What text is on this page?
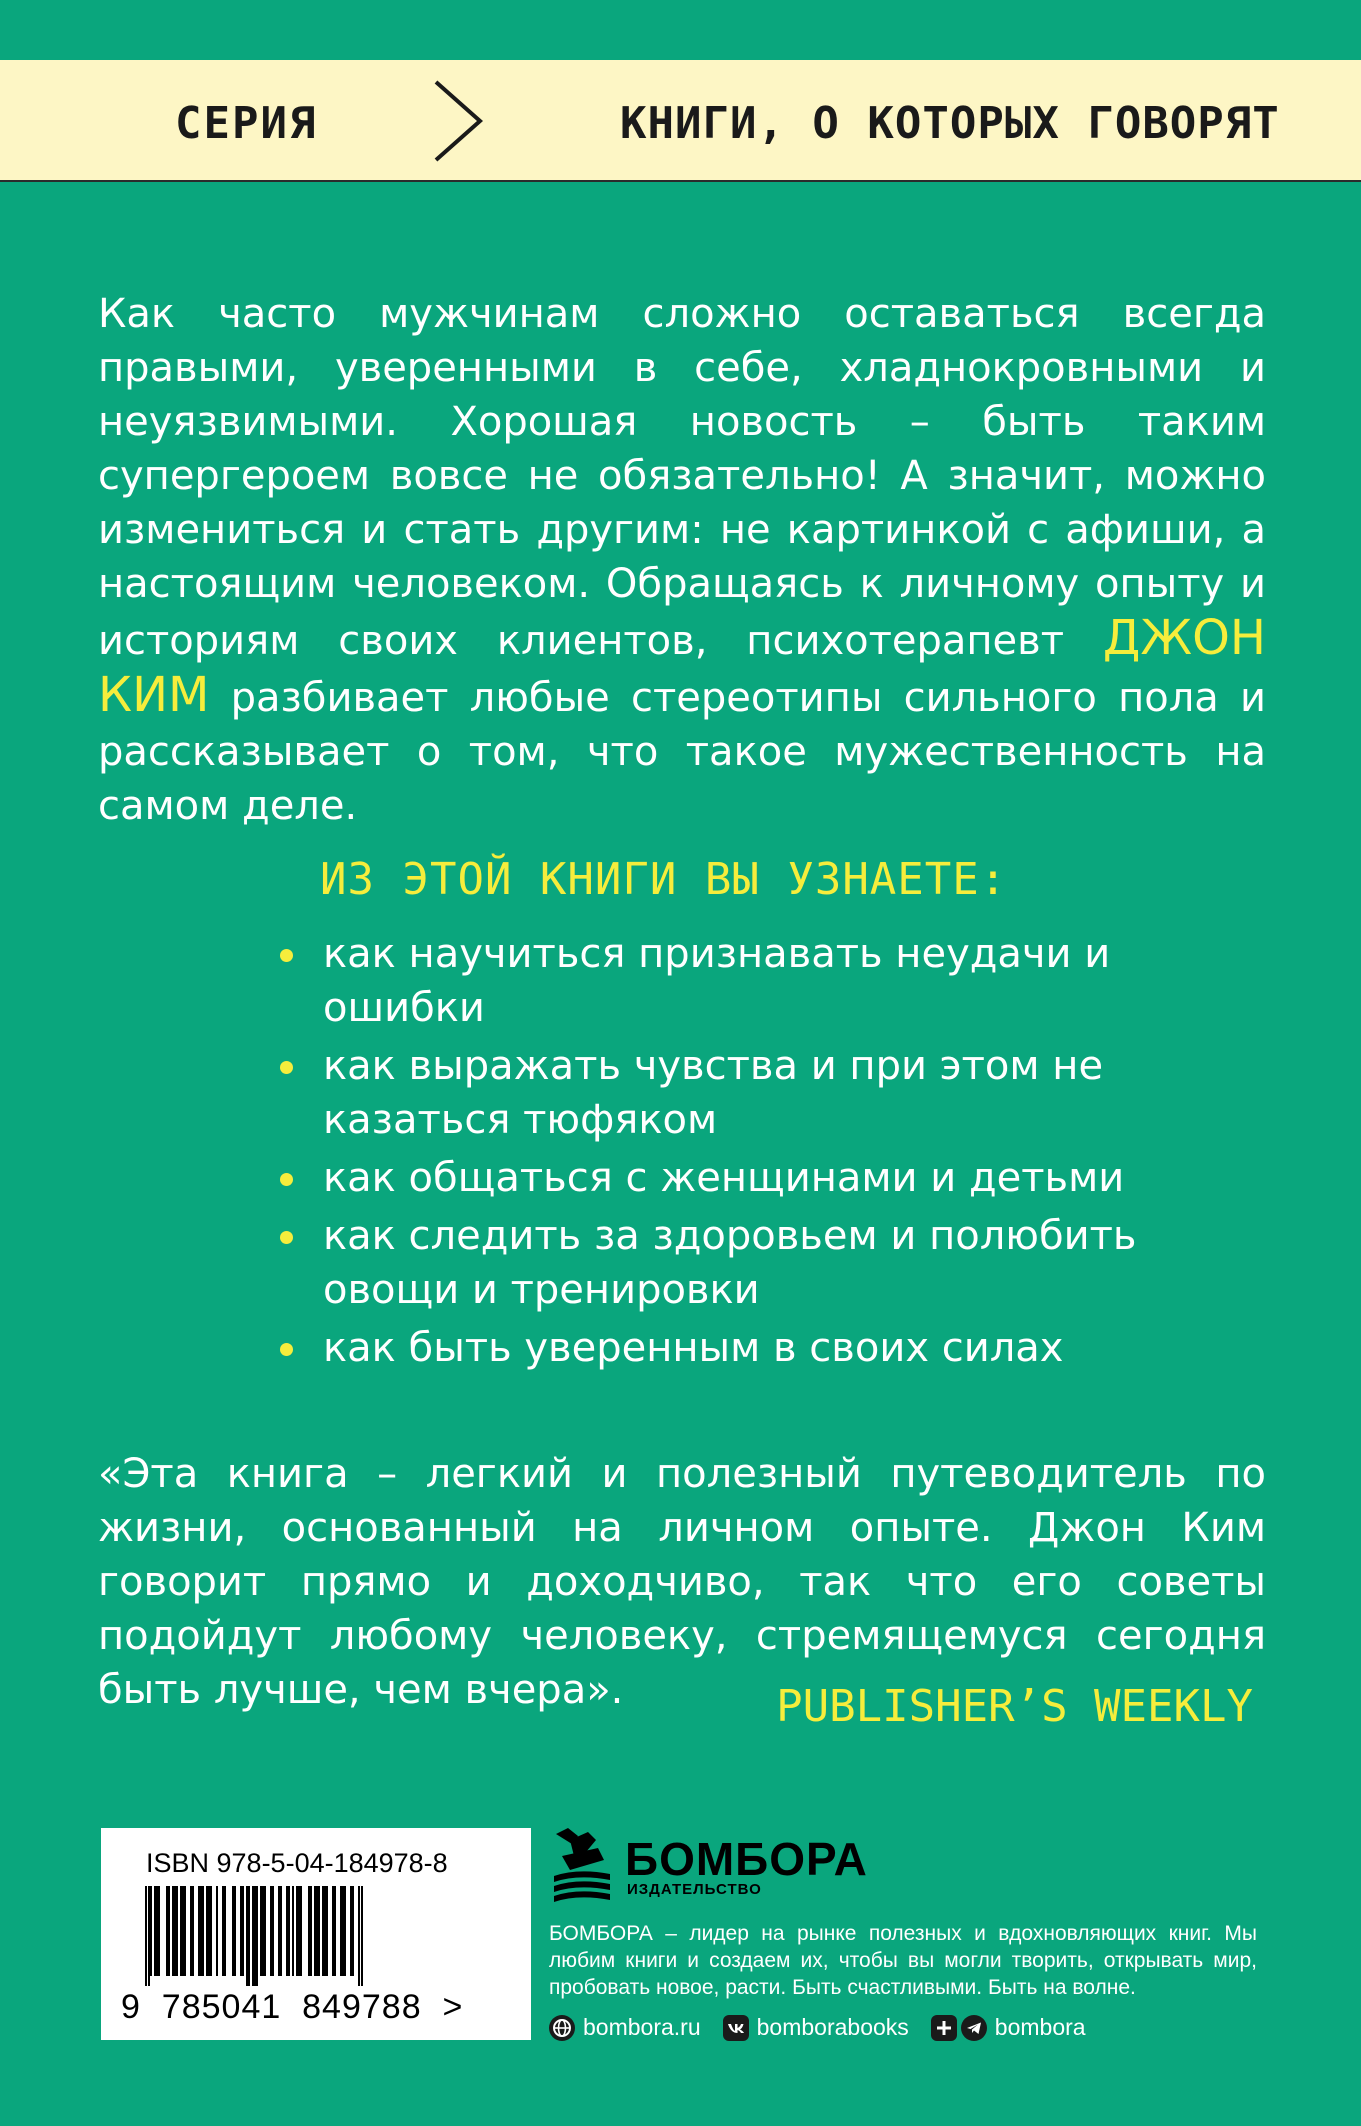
СЕРИЯ	КНИГИ, О КОТОРЫХ ГОВОРЯТ

Как часто мужчинам сложно оставаться всегда правыми, уверенными в себе, хладнокровными и неуязвимыми. Хорошая новость – быть таким супергероем вовсе не обязательно! А значит, можно измениться и стать другим: не картинкой с афиши, а настоящим человеком. Обращаясь к личному опыту и историям своих клиентов, психотерапевт ДЖОН КИМ разбивает любые стереотипы сильного пола и рассказывает о том, что такое мужественность на самом деле.

ИЗ ЭТОЙ КНИГИ ВЫ УЗНАЕТЕ:
как научиться признавать неудачи и ошибки
как выражать чувства и при этом не казаться тюфяком
как общаться с женщинами и детьми
как следить за здоровьем и полюбить овощи и тренировки
как быть уверенным в своих силах

«Эта книга – легкий и полезный путеводитель по жизни, основанный на личном опыте. Джон Ким говорит прямо и доходчиво, так что его советы подойдут любому человеку, стремящемуся сегодня быть лучше, чем вчера».	PUBLISHER’S WEEKLY
ISBN 978-5-04-184978-8
9  785041  849788  >
БОМБОРА
ИЗДАТЕЛЬСТВО

БОМБОРА – лидер на рынке полезных и вдохновляющих книг. Мы любим книги и создаем их, чтобы вы могли творить, открывать мир, пробовать новое, расти. Быть счастливыми. Быть на волне.

bombora.ru bomborabooks	bombora
